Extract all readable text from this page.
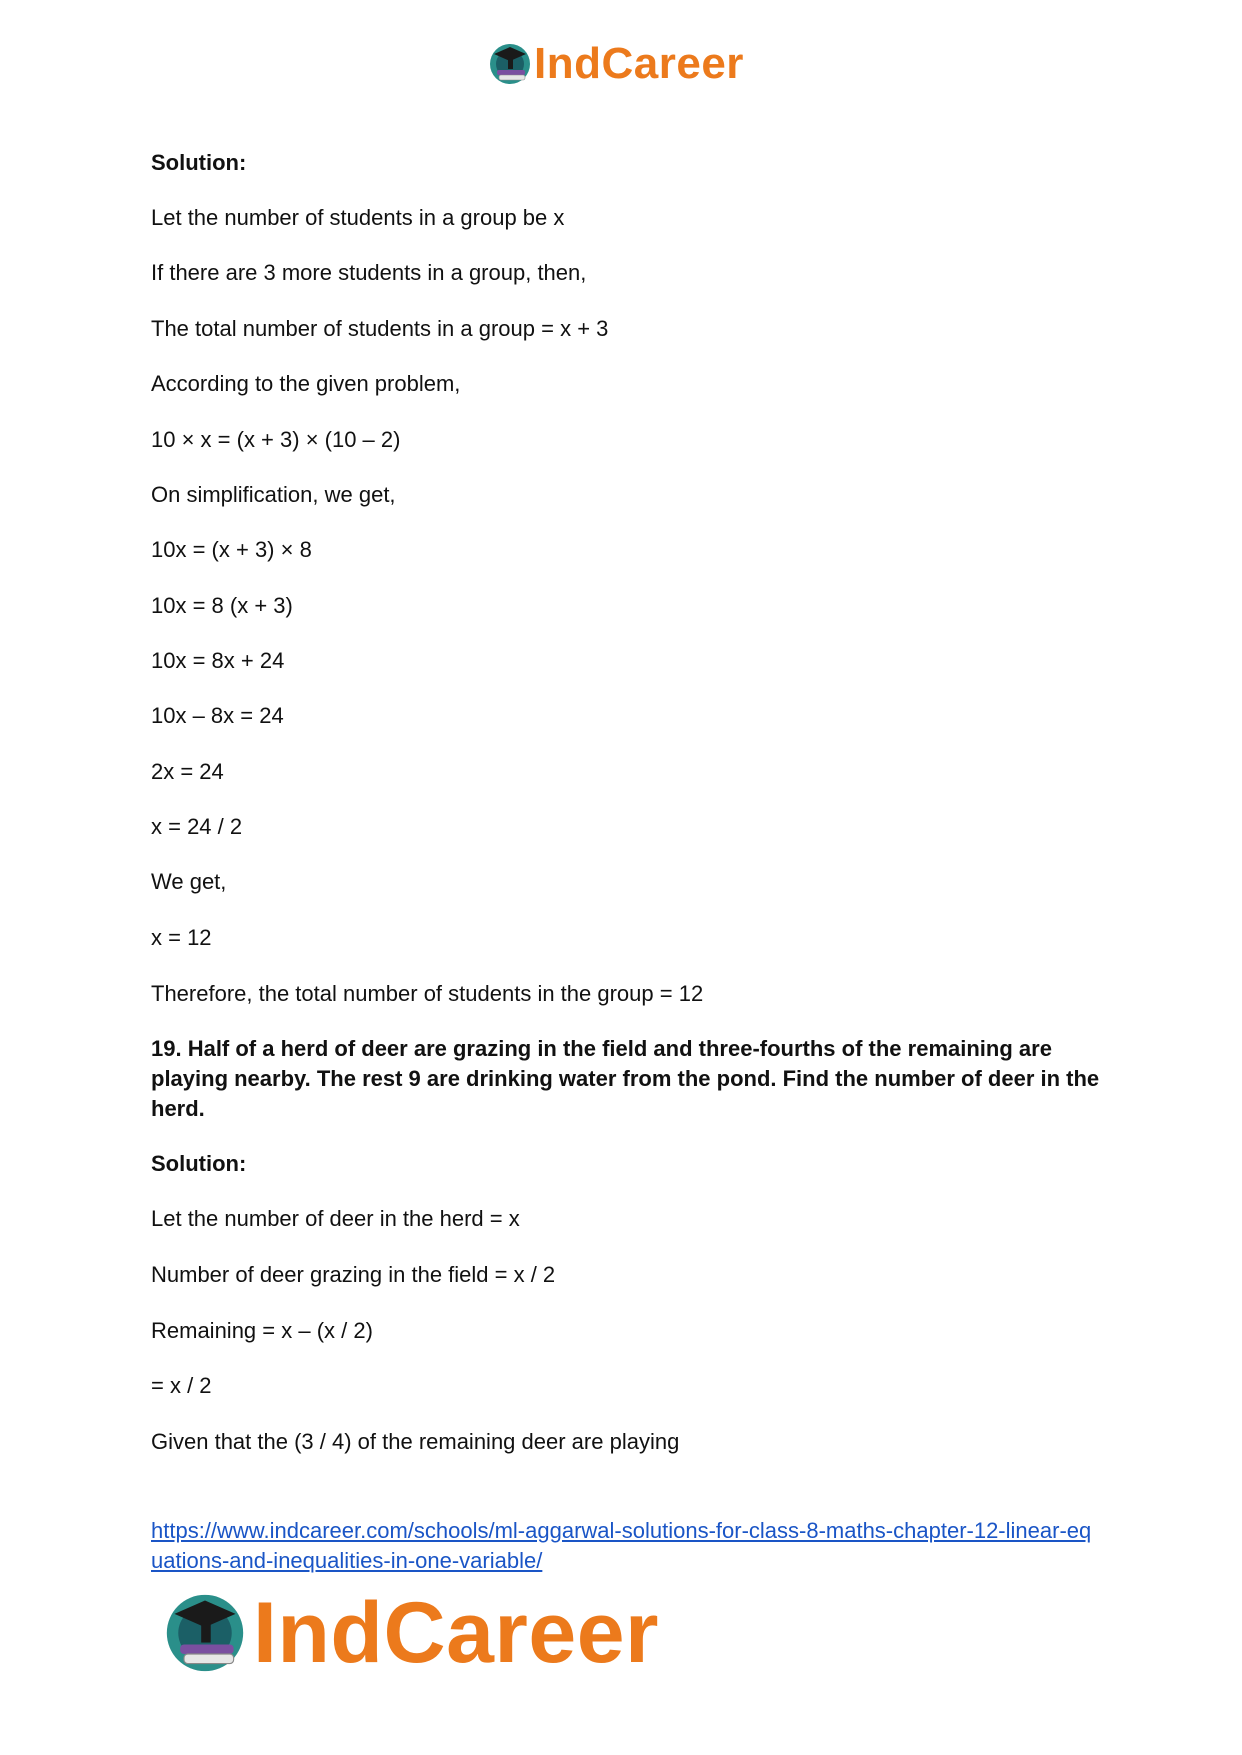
IndCareer
Solution:
Let the number of students in a group be x
If there are 3 more students in a group, then,
The total number of students in a group = x + 3
According to the given problem,
10 × x = (x + 3) × (10 – 2)
On simplification, we get,
10x = (x + 3) × 8
10x = 8 (x + 3)
10x = 8x + 24
10x – 8x = 24
2x = 24
x = 24 / 2
We get,
x = 12
Therefore, the total number of students in the group = 12
19. Half of a herd of deer are grazing in the field and three-fourths of the remaining are playing nearby. The rest 9 are drinking water from the pond. Find the number of deer in the herd.
Solution:
Let the number of deer in the herd = x
Number of deer grazing in the field = x / 2
Remaining = x – (x / 2)
= x / 2
Given that the (3 / 4) of the remaining deer are playing
https://www.indcareer.com/schools/ml-aggarwal-solutions-for-class-8-maths-chapter-12-linear-equations-and-inequalities-in-one-variable/
IndCareer
